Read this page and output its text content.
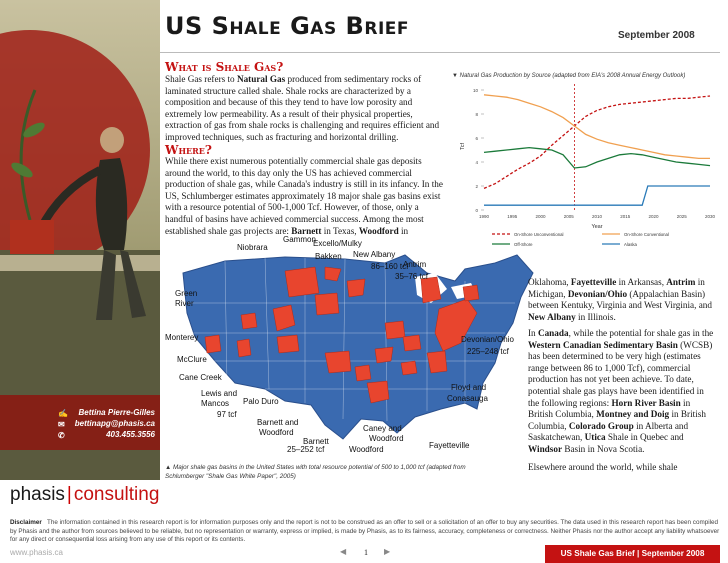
✍ Bettina Pierre-Gilles
✉ bettinapg@phasis.ca
✆	403.455.3556
phasis | consulting
US Shale Gas Brief	September 2008
What is Shale Gas?
Shale Gas refers to Natural Gas produced from sedimentary rocks of laminated structure called shale. Shale rocks are characterized by a composition and because of this they tend to have low porosity and extremely low permeability. As a result of their physical properties, extraction of gas from shale rocks is challenging and requires efficient and improved techniques, such as fracturing and horizontal drilling.
Where?
While there exist numerous potentially commercial shale gas deposits around the world, to this day only the US has achieved commercial production of shale gas, while Canada's industry is still in its infancy. In the US, Schlumberger estimates approximately 18 major shale gas basins exist with a resource potential of 500-1,000 Tcf. However, of those, only a handful of basins have achieved commercial success. Among the most established shale gas projects are: Barnett in Texas, Woodford in
▼ Natural Gas Production by Source (adapted from EIA's 2008 Annual Energy Outlook)
0
2
4
6
8
10
1990	1995	2000	2005	2010	2015	2020	2025	2030
Tcf
Year
On-Shore Unconventional	On-Shore Conventional
Off-Shore	Alaska
Gammon
Niobrara	Excello/Mulky
Bakken New Albany
86–160 tcf
Antrim
35–76 tcf
Green
River
Monterey	Devonian/Ohio
225–248 tcf
McClure
Cane Creek
Lewis and
Mancos
97 tcf
Palo Duro
Floyd and
Conasauga
Barnett and
Woodford	Caney and
Woodford
Barnett
25–252 tcf	Woodford	Fayetteville
▲ Major shale gas basins in the United States with total resource potential of 500 to 1,000 tcf (adapted from Schlumberger "Shale Gas White Paper", 2005)
Oklahoma, Fayetteville in Arkansas, Antrim in Michigan, Devonian/Ohio (Appalachian Basin) between Kentuky, Virginia and West Virginia, and New Albany in Illinois.
In Canada, while the potential for shale gas in the Western Canadian Sedimentary Basin (WCSB) has been determined to be very high (estimates range between 86 to 1,000 Tcf), commercial production has not yet been achieve. To date, potential shale gas plays have been identified in the following regions: Horn River Basin in British Columbia, Montney and Doig in British Columbia, Colorado Group in Alberta and Saskatchewan, Utica Shale in Quebec and Windsor Basin in Nova Scotia.
Elsewhere around the world, while shale
Disclaimer The information contained in this research report is for information purposes only and the report is not to be construed as an offer to sell or a solicitation of an offer to buy any securities. The data used in this research report has been compiled by Phasis and the author from sources believed to be reliable, but no representation or warranty, express or implied, is made by Phasis, as to its fairness, accuracy, completeness or correctness. Neither Phasis nor the author accept any liability whatsoever for any direct or consequential loss arising from any use of this report or its contents.
www.phasis.ca	◀ 1 ▶	US Shale Gas Brief | September 2008
